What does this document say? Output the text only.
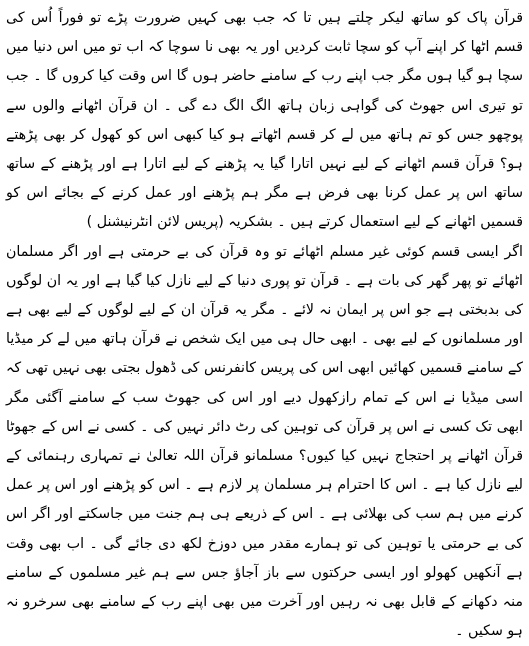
قرآن پاک کو ساتھ لیکر چلتے ہیں تا کہ جب بھی کہیں ضرورت پڑے تو فوراً اُس کی قسم اٹھا کر اپنے آپ کو سچا ثابت کردیں اور یہ بھی نا سوچا کہ اب تو میں اس دنیا میں سچا ہو گیا ہوں مگر جب اپنے رب کے سامنے حاضر ہوں گا اس وقت کیا کروں گا ۔ جب تو تیری اس جھوٹ کی گواہی زبان ہاتھ الگ الگ دے گی ۔ ان قرآن اٹھانے والوں سے پوچھو جس کو تم ہاتھ میں لے کر قسم اٹھاتے ہو کیا کبھی اس کو کھول کر بھی پڑھتے ہو؟ قرآن قسم اٹھانے کے لیے نہیں اتارا گیا یہ پڑھنے کے لیے اتارا ہے اور پڑھنے کے ساتھ ساتھ اس پر عمل کرنا بھی فرض ہے مگر ہم پڑھنے اور عمل کرنے کے بجائے اس کو قسمیں اٹھانے کے لیے استعمال کرتے ہیں ۔ بشکریہ (پریس لائن انٹرنیشنل )

اگر ایسی قسم کوئی غیر مسلم اٹھائے تو وہ قرآن کی بے حرمتی ہے اور اگر مسلمان اٹھائے تو پھر گھر کی بات ہے ۔ قرآن تو پوری دنیا کے لیے نازل کیا گیا ہے اور یہ ان لوگوں کی بدبختی ہے جو اس پر ایمان نہ لائے ۔ مگر یہ قرآن ان کے لیے لوگوں کے لیے بھی ہے اور مسلمانوں کے لیے بھی ۔ ابھی حال ہی میں ایک شخص نے قرآن ہاتھ میں لے کر میڈیا کے سامنے قسمیں کھائیں ابھی اس کی پریس کانفرنس کی ڈھول بجتی بھی نہیں تھی کہ اسی میڈیا نے اس کے تمام رازکھول دیے اور اس کی جھوٹ سب کے سامنے آگئی مگر ابھی تک کسی نے اس پر قرآن کی توہین کی رٹ دائر نہیں کی ۔ کسی نے اس کے جھوٹا قرآن اٹھانے پر احتجاج نہیں کیا کیوں؟ مسلمانو قرآن اللہ تعالیٰ نے تمہاری رہنمائی کے لیے نازل کیا ہے ۔ اس کا احترام ہر مسلمان پر لازم ہے ۔ اس کو پڑھنے اور اس پر عمل کرنے میں ہم سب کی بھلائی ہے ۔ اس کے ذریعے ہی ہم جنت میں جاسکتے اور اگر اس کی بے حرمتی یا توہین کی تو ہمارے مقدر میں دوزخ لکھ دی جائے گی ۔ اب بھی وقت ہے آنکھیں کھولو اور ایسی حرکتوں سے باز آجاؤ جس سے ہم غیر مسلموں کے سامنے منہ دکھانے کے قابل بھی نہ رہیں اور آخرت میں بھی اپنے رب کے سامنے بھی سرخرو نہ ہو سکیں ۔
